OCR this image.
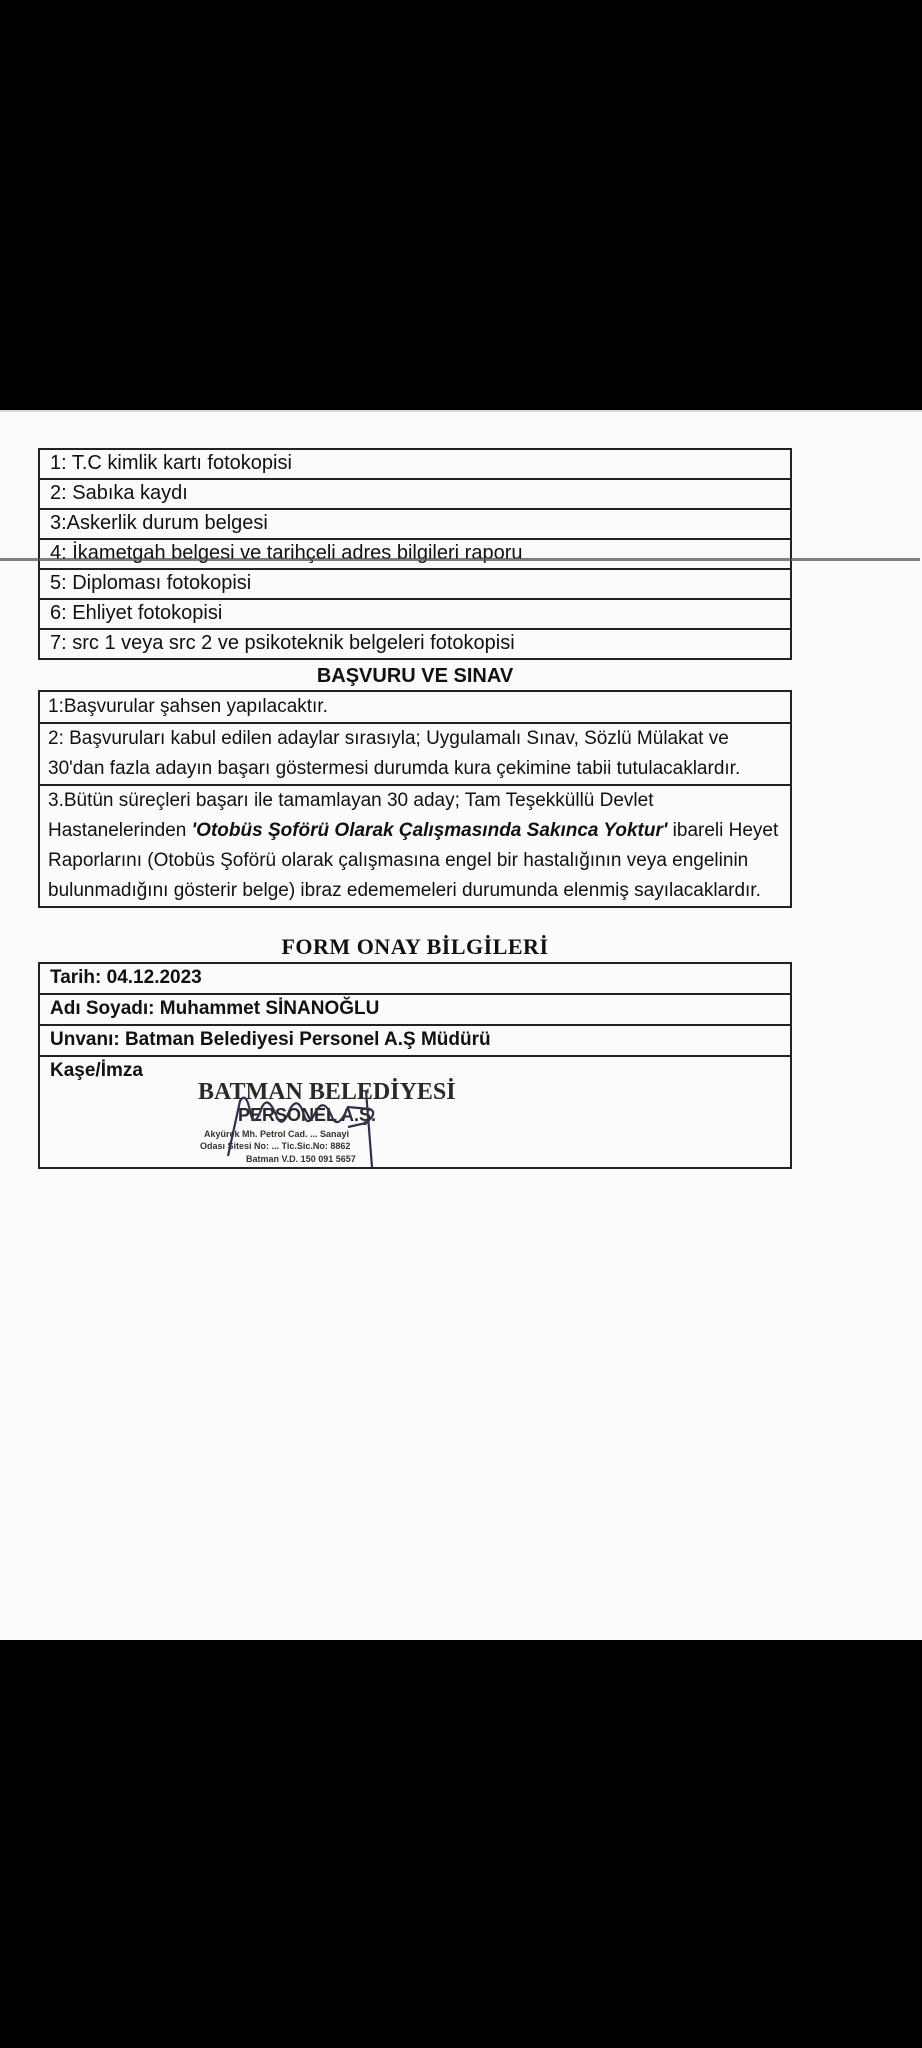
1: T.C kimlik kartı fotokopisi
2: Sabıka kaydı
3:Askerlik durum belgesi
4: İkametgah belgesi ve tarihçeli adres bilgileri raporu
5: Diploması fotokopisi
6: Ehliyet fotokopisi
7: src 1 veya src 2 ve psikoteknik belgeleri fotokopisi
BAŞVURU VE SINAV
1:Başvurular şahsen yapılacaktır.
2: Başvuruları kabul edilen adaylar sırasıyla; Uygulamalı Sınav, Sözlü Mülakat ve 30'dan fazla adayın başarı göstermesi durumda kura çekimine tabii tutulacaklardır.
3.Bütün süreçleri başarı ile tamamlayan 30 aday; Tam Teşekküllü Devlet Hastanelerinden 'Otobüs Şoförü Olarak Çalışmasında Sakınca Yoktur' ibareli Heyet Raporlarını (Otobüs Şoförü olarak çalışmasına engel bir hastalığının veya engelinin bulunmadığını gösterir belge) ibraz edememeleri durumunda elenmiş sayılacaklardır.
FORM ONAY BİLGİLERİ
Tarih: 04.12.2023
Adı Soyadı: Muhammet SİNANOĞLU
Unvanı: Batman Belediyesi Personel A.Ş Müdürü
Kaşe/İmza
BATMAN BELEDİYESİ
PERSONEL A.Ş.
Akyürek Mh. Petrol Cad. ... Sanayi
Odası Sitesi No: ... Tic.Sic.No: 8862
Batman V.D. 150 091 5657
